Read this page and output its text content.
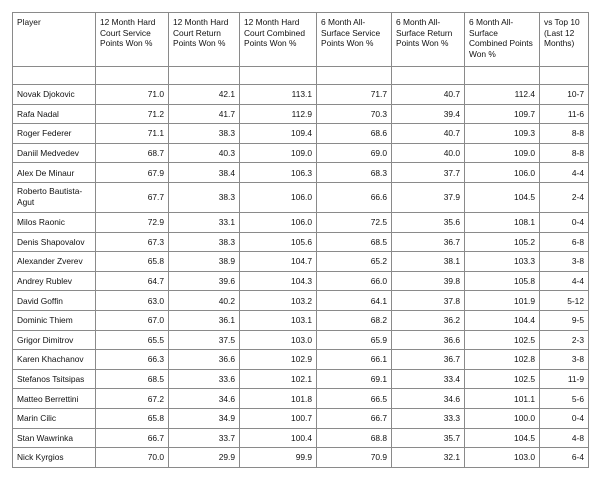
Player	12 Month Hard Court Service Points Won %	12 Month Hard Court Return Points Won %	12 Month Hard Court Combined Points Won %	6 Month All-Surface Service Points Won %	6 Month All-Surface Return Points Won %	6 Month All-Surface Combined Points Won %	vs Top 10 (Last 12 Months)

Novak Djokovic	71.0	42.1	113.1	71.7	40.7	112.4	10-7
Rafa Nadal	71.2	41.7	112.9	70.3	39.4	109.7	11-6
Roger Federer	71.1	38.3	109.4	68.6	40.7	109.3	8-8
Daniil Medvedev	68.7	40.3	109.0	69.0	40.0	109.0	8-8
Alex De Minaur	67.9	38.4	106.3	68.3	37.7	106.0	4-4
Roberto Bautista-Agut	67.7	38.3	106.0	66.6	37.9	104.5	2-4
Milos Raonic	72.9	33.1	106.0	72.5	35.6	108.1	0-4
Denis Shapovalov	67.3	38.3	105.6	68.5	36.7	105.2	6-8
Alexander Zverev	65.8	38.9	104.7	65.2	38.1	103.3	3-8
Andrey Rublev	64.7	39.6	104.3	66.0	39.8	105.8	4-4
David Goffin	63.0	40.2	103.2	64.1	37.8	101.9	5-12
Dominic Thiem	67.0	36.1	103.1	68.2	36.2	104.4	9-5
Grigor Dimitrov	65.5	37.5	103.0	65.9	36.6	102.5	2-3
Karen Khachanov	66.3	36.6	102.9	66.1	36.7	102.8	3-8
Stefanos Tsitsipas	68.5	33.6	102.1	69.1	33.4	102.5	11-9
Matteo Berrettini	67.2	34.6	101.8	66.5	34.6	101.1	5-6
Marin Cilic	65.8	34.9	100.7	66.7	33.3	100.0	0-4
Stan Wawrinka	66.7	33.7	100.4	68.8	35.7	104.5	4-8
Nick Kyrgios	70.0	29.9	99.9	70.9	32.1	103.0	6-4
